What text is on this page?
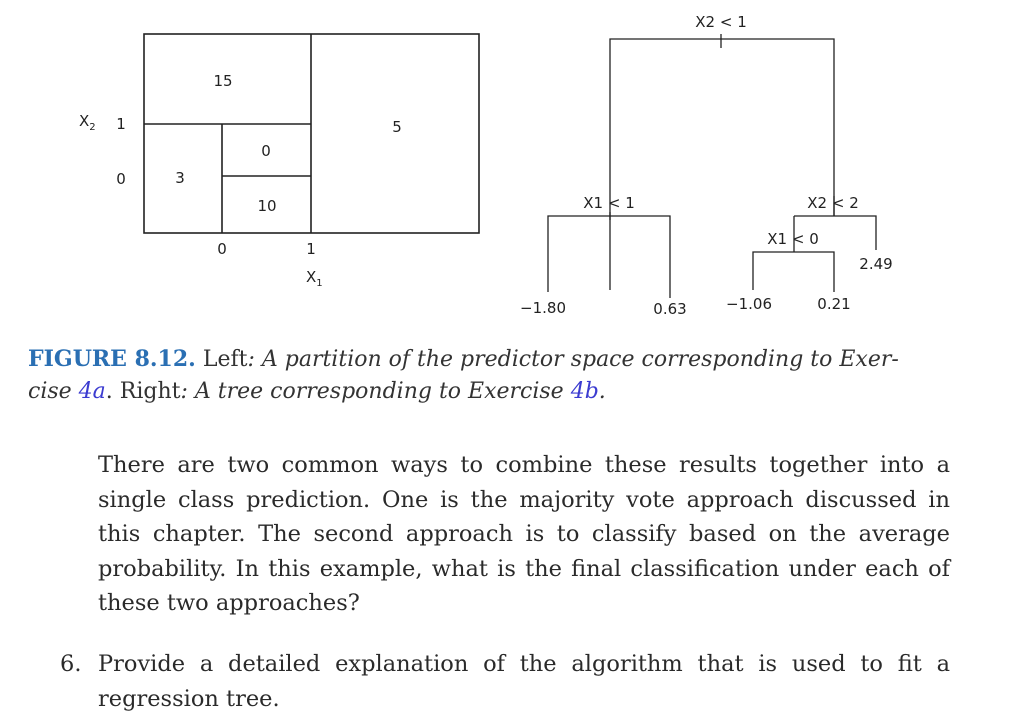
15
5
0
3
10
$X_2$ 1
0
0	1
$X_1$
X2 < 1
X1 < 1	X2 < 2
X1 < 0
−1.80	0.63	−1.06	0.21
2.49
FIGURE 8.12. Left: A partition of the predictor space corresponding to Exer-
cise 4a. Right: A tree corresponding to Exercise 4b.
There are two common ways to combine these results together into a single class prediction. One is the majority vote approach discussed in this chapter. The second approach is to classify based on the average probability. In this example, what is the final classification under each of these two approaches?
6. Provide a detailed explanation of the algorithm that is used to fit a regression tree.
